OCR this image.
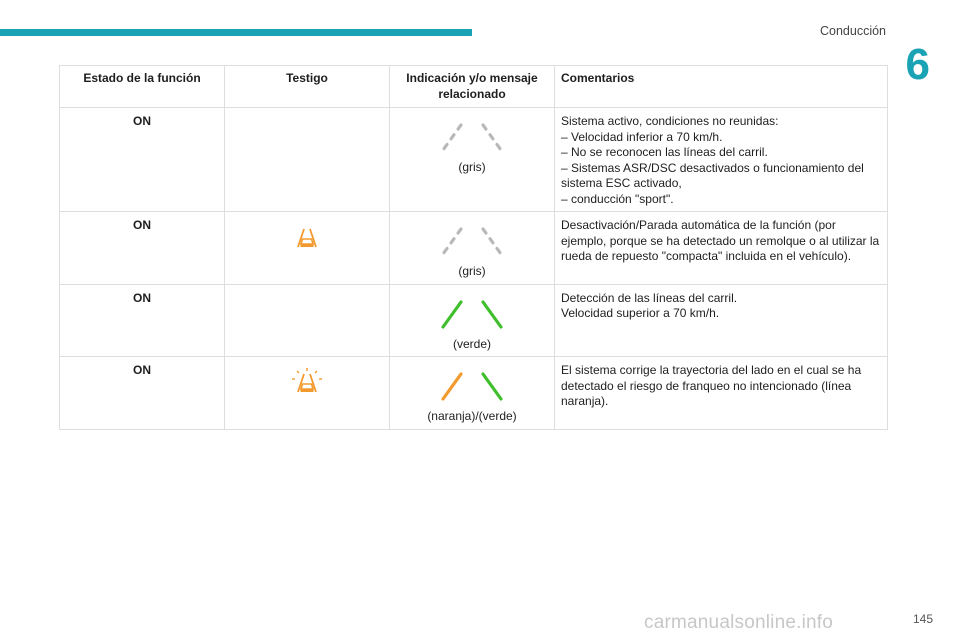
Conducción
6
Estado de la función	Testigo	Indicación y/o mensaje relacionado	Comentarios
ON		(gris)	Sistema activo, condiciones no reunidas:
– Velocidad inferior a 70 km/h.
– No se reconocen las líneas del carril.
– Sistemas ASR/DSC desactivados o funcionamiento del sistema ESC activado,
– conducción "sport".

ON		(gris)	Desactivación/Parada automática de la función (por ejemplo, porque se ha detectado un remolque o al utilizar la rueda de repuesto "compacta" incluida en el vehículo).

ON		(verde)	Detección de las líneas del carril.
Velocidad superior a 70 km/h.

ON		(naranja)/(verde)	El sistema corrige la trayectoria del lado en el cual se ha detectado el riesgo de franqueo no intencionado (línea naranja).
carmanualsonline.info	145
